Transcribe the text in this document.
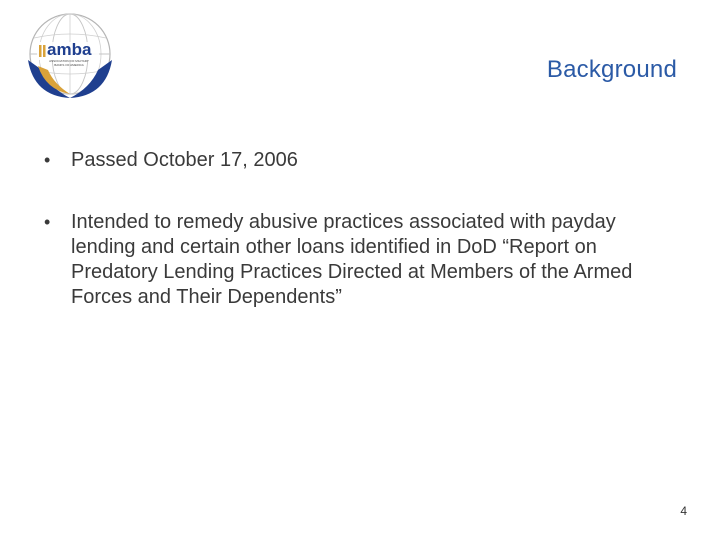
amba
ASSOCIATION OF MILITARY BANKS OF AMERICA	Background
• Passed October 17, 2006
• Intended to remedy abusive practices associated with payday lending and certain other loans identified in DoD “Report on Predatory Lending Practices Directed at Members of the Armed Forces and Their Dependents”
4
